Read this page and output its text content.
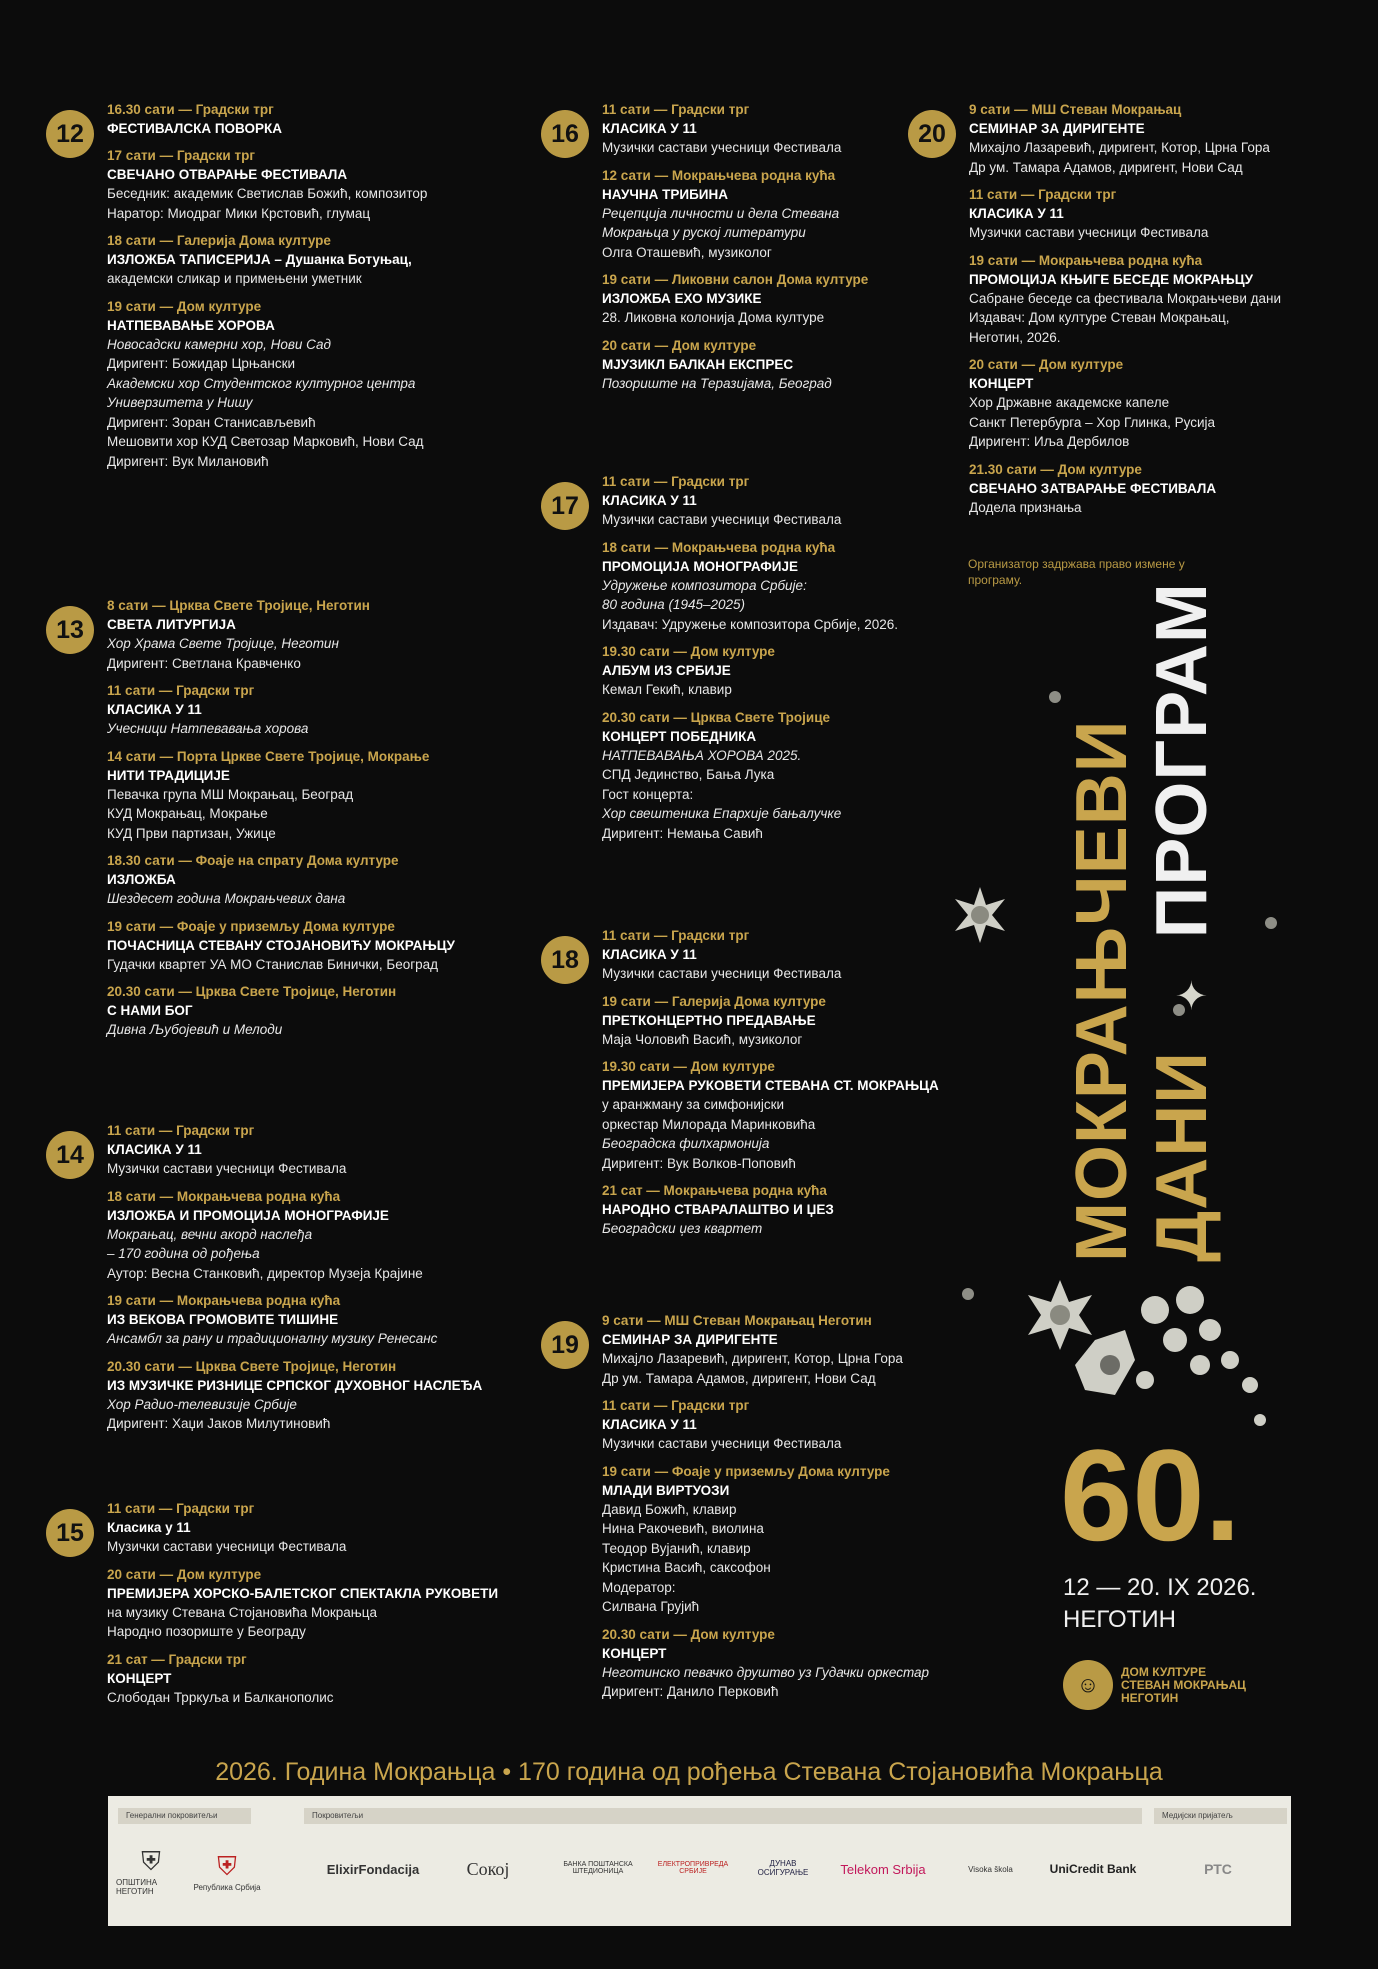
12
16.30 сати — Градски трг
ФЕСТИВАЛСКА ПОВОРКА
17 сати — Градски трг
СВЕЧАНО ОТВАРАЊЕ ФЕСТИВАЛА
Беседник: академик Светислав Божић, композитор
Наратор: Миодраг Мики Крстовић, глумац
18 сати — Галерија Дома културе
ИЗЛОЖБА ТАПИСЕРИЈА – Душанка Ботуњац,
академски сликар и примењени уметник
19 сати — Дом културе
НАТПЕВАВАЊЕ ХОРОВА
Новосадски камерни хор, Нови Сад
Диригент: Божидар Црњански
Академски хор Студентског културног центра
Универзитета у Нишу
Диригент: Зоран Станисављевић
Мешовити хор КУД Светозар Марковић, Нови Сад
Диригент: Вук Милановић
13
8 сати — Црква Свете Тројице, Неготин
СВЕТА ЛИТУРГИЈА
Хор Храма Свете Тројице, Неготин
Диригент: Светлана Кравченко
11 сати — Градски трг
КЛАСИКА У 11
Учесници Натпевавања хорова
14 сати — Порта Цркве Свете Тројице, Мокрање
НИТИ ТРАДИЦИЈЕ
Певачка група МШ Мокрањац, Београд
КУД Мокрањац, Мокрање
КУД Први партизан, Ужице
18.30 сати — Фоаје на спрату Дома културе
ИЗЛОЖБА
Шездесет година Мокрањчевих дана
19 сати — Фоаје у приземљу Дома културе
ПОЧАСНИЦА СТЕВАНУ СТОЈАНОВИЋУ МОКРАЊЦУ
Гудачки квартет УА МО Станислав Бинички, Београд
20.30 сати — Црква Свете Тројице, Неготин
С НАМИ БОГ
Дивна Љубојевић и Мелоди
14
11 сати — Градски трг
КЛАСИКА У 11
Музички састави учесници Фестивала
18 сати — Мокрањчева родна кућа
ИЗЛОЖБА И ПРОМОЦИЈА МОНОГРАФИЈЕ
Мокрањац, вечни акорд наслеђа
– 170 година од рођења
Аутор: Весна Станковић, директор Музеја Крајине
19 сати — Мокрањчева родна кућа
ИЗ ВЕКОВА ГРОМОВИТЕ ТИШИНЕ
Ансамбл за рану и традиционалну музику Ренесанс
20.30 сати — Црква Свете Тројице, Неготин
ИЗ МУЗИЧКЕ РИЗНИЦЕ СРПСКОГ ДУХОВНОГ НАСЛЕЂА
Хор Радио-телевизије Србије
Диригент: Хаџи Јаков Милутиновић
15
11 сати — Градски трг
Класика у 11
Музички састави учесници Фестивала
20 сати — Дом културе
ПРЕМИЈЕРА ХОРСКО-БАЛЕТСКОГ СПЕКТАКЛА РУКОВЕТИ
на музику Стевана Стојановића Мокрањца
Народно позориште у Београду
21 сат — Градски трг
КОНЦЕРТ
Слободан Трркуља и Балканополис
16
11 сати — Градски трг
КЛАСИКА У 11
Музички састави учесници Фестивала
12 сати — Мокрањчева родна кућа
НАУЧНА ТРИБИНА
Рецепција личности и дела Стевана
Мокрањца у руској литератури
Олга Оташевић, музиколог
19 сати — Ликовни салон Дома културе
ИЗЛОЖБА ЕХО МУЗИКЕ
28. Ликовна колонија Дома културе
20 сати — Дом културе
МЈУЗИКЛ БАЛКАН ЕКСПРЕС
Позориште на Теразијама, Београд
17
11 сати — Градски трг
КЛАСИКА У 11
Музички састави учесници Фестивала
18 сати — Мокрањчева родна кућа
ПРОМОЦИЈА МОНОГРАФИЈЕ
Удружење композитора Србије:
80 година (1945–2025)
Издавач: Удружење композитора Србије, 2026.
19.30 сати — Дом културе
АЛБУМ ИЗ СРБИЈЕ
Кемал Гекић, клавир
20.30 сати — Црква Свете Тројице
КОНЦЕРТ ПОБЕДНИКА
НАТПЕВАВАЊА ХОРОВА 2025.
СПД Јединство, Бања Лука
Гост концерта:
Хор свештеника Епархије бањалучке
Диригент: Немања Савић
18
11 сати — Градски трг
КЛАСИКА У 11
Музички састави учесници Фестивала
19 сати — Галерија Дома културе
ПРЕТКОНЦЕРТНО ПРЕДАВАЊЕ
Маја Чоловић Васић, музиколог
19.30 сати — Дом културе
ПРЕМИЈЕРА РУКОВЕТИ СТЕВАНА СТ. МОКРАЊЦА
у аранжману за симфонијски
оркестар Милорада Маринковића
Београдска филхармонија
Диригент: Вук Волков-Поповић
21 сат — Мокрањчева родна кућа
НАРОДНО СТВАРАЛАШТВО И ЏЕЗ
Београдски џез квартет
19
9 сати — МШ Стеван Мокрањац Неготин
СЕМИНАР ЗА ДИРИГЕНТЕ
Михајло Лазаревић, диригент, Котор, Црна Гора
Др ум. Тамара Адамов, диригент, Нови Сад
11 сати — Градски трг
КЛАСИКА У 11
Музички састави учесници Фестивала
19 сати — Фоаје у приземљу Дома културе
МЛАДИ ВИРТУОЗИ
Давид Божић, клавир
Нина Ракочевић, виолина
Теодор Вујанић, клавир
Кристина Васић, саксофон
Модератор:
Силвана Грујић
20.30 сати — Дом културе
КОНЦЕРТ
Неготинско певачко друштво уз Гудачки оркестар
Диригент: Данило Перковић
20
9 сати — МШ Стеван Мокрањац
СЕМИНАР ЗА ДИРИГЕНТЕ
Михајло Лазаревић, диригент, Котор, Црна Гора
Др ум. Тамара Адамов, диригент, Нови Сад
11 сати — Градски трг
КЛАСИКА У 11
Музички састави учесници Фестивала
19 сати — Мокрањчева родна кућа
ПРОМОЦИЈА КЊИГЕ БЕСЕДЕ МОКРАЊЦУ
Сабране беседе са фестивала Мокрањчеви дани
Издавач: Дом културе Стеван Мокрањац,
Неготин, 2026.
20 сати — Дом културе
КОНЦЕРТ
Хор Државне академске капеле
Санкт Петербурга – Хор Глинка, Русија
Диригент: Иља Дербилов
21.30 сати — Дом културе
СВЕЧАНО ЗАТВАРАЊЕ ФЕСТИВАЛА
Додела признања
Организатор задржава право измене у програму.
МОКРАЊЧЕВИ ДАНИ ✦ ПРОГРАМ
60.
12 — 20. IX 2026.
НЕГОТИН
☺
ДОМ КУЛТУРЕ
СТЕВАН МОКРАЊАЦ
НЕГОТИН
2026. Година Мокрањца • 170 година од рођења Стевана Стојановића Мокрањца
Генерални покровитељи	Покровитељи	Медијски пријатељ
⛨
ОПШТИНА НЕГОТИН
⛨
Република Србија
ElixirFondacija	Сокој	БАНКА ПОШТАНСКА ШТЕДИОНИЦА
ЕЛЕКТРОПРИВРЕДА СРБИЈЕ
ДУНАВ ОСИГУРАЊЕ	Telekom Srbija	Visoka škola	UniCredit Bank	РТС
